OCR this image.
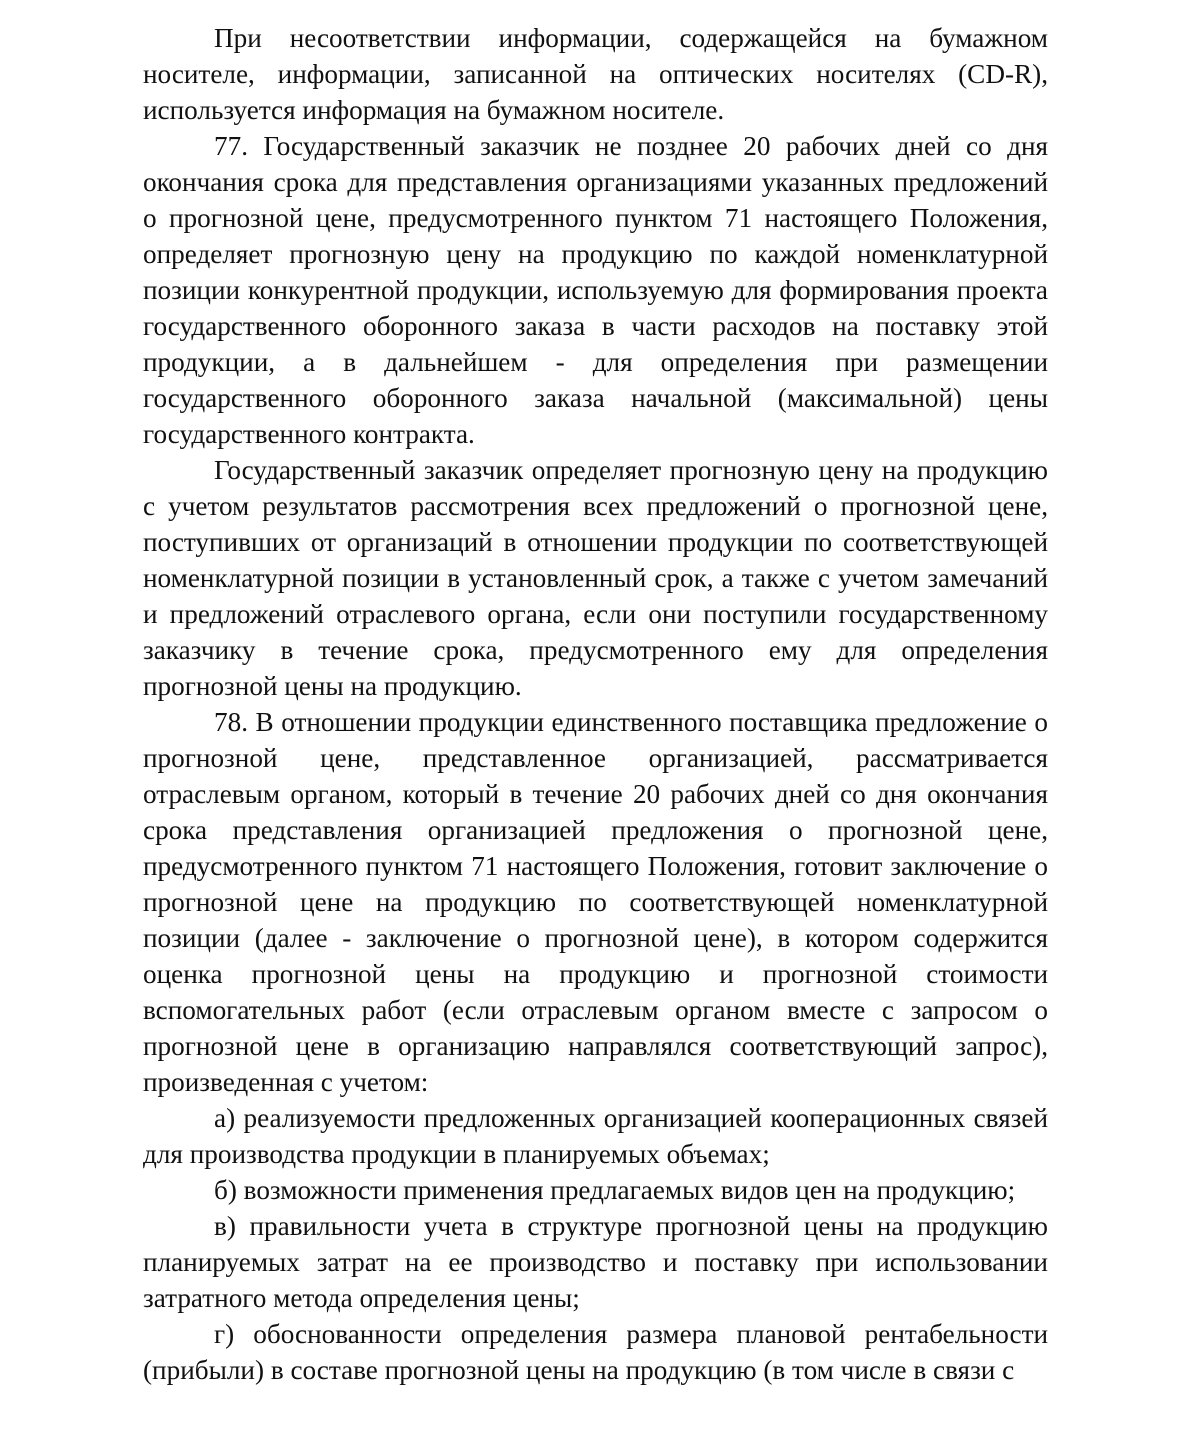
При несоответствии информации, содержащейся на бумажном носителе, информации, записанной на оптических носителях (CD-R), используется информация на бумажном носителе.

77. Государственный заказчик не позднее 20 рабочих дней со дня окончания срока для представления организациями указанных предложений о прогнозной цене, предусмотренного пунктом 71 настоящего Положения, определяет прогнозную цену на продукцию по каждой номенклатурной позиции конкурентной продукции, используемую для формирования проекта государственного оборонного заказа в части расходов на поставку этой продукции, а в дальнейшем - для определения при размещении государственного оборонного заказа начальной (максимальной) цены государственного контракта.

Государственный заказчик определяет прогнозную цену на продукцию с учетом результатов рассмотрения всех предложений о прогнозной цене, поступивших от организаций в отношении продукции по соответствующей номенклатурной позиции в установленный срок, а также с учетом замечаний и предложений отраслевого органа, если они поступили государственному заказчику в течение срока, предусмотренного ему для определения прогнозной цены на продукцию.

78. В отношении продукции единственного поставщика предложение о прогнозной цене, представленное организацией, рассматривается отраслевым органом, который в течение 20 рабочих дней со дня окончания срока представления организацией предложения о прогнозной цене, предусмотренного пунктом 71 настоящего Положения, готовит заключение о прогнозной цене на продукцию по соответствующей номенклатурной позиции (далее - заключение о прогнозной цене), в котором содержится оценка прогнозной цены на продукцию и прогнозной стоимости вспомогательных работ (если отраслевым органом вместе с запросом о прогнозной цене в организацию направлялся соответствующий запрос), произведенная с учетом:

а) реализуемости предложенных организацией кооперационных связей для производства продукции в планируемых объемах;

б) возможности применения предлагаемых видов цен на продукцию;

в) правильности учета в структуре прогнозной цены на продукцию планируемых затрат на ее производство и поставку при использовании затратного метода определения цены;

г) обоснованности определения размера плановой рентабельности (прибыли) в составе прогнозной цены на продукцию (в том числе в связи с
